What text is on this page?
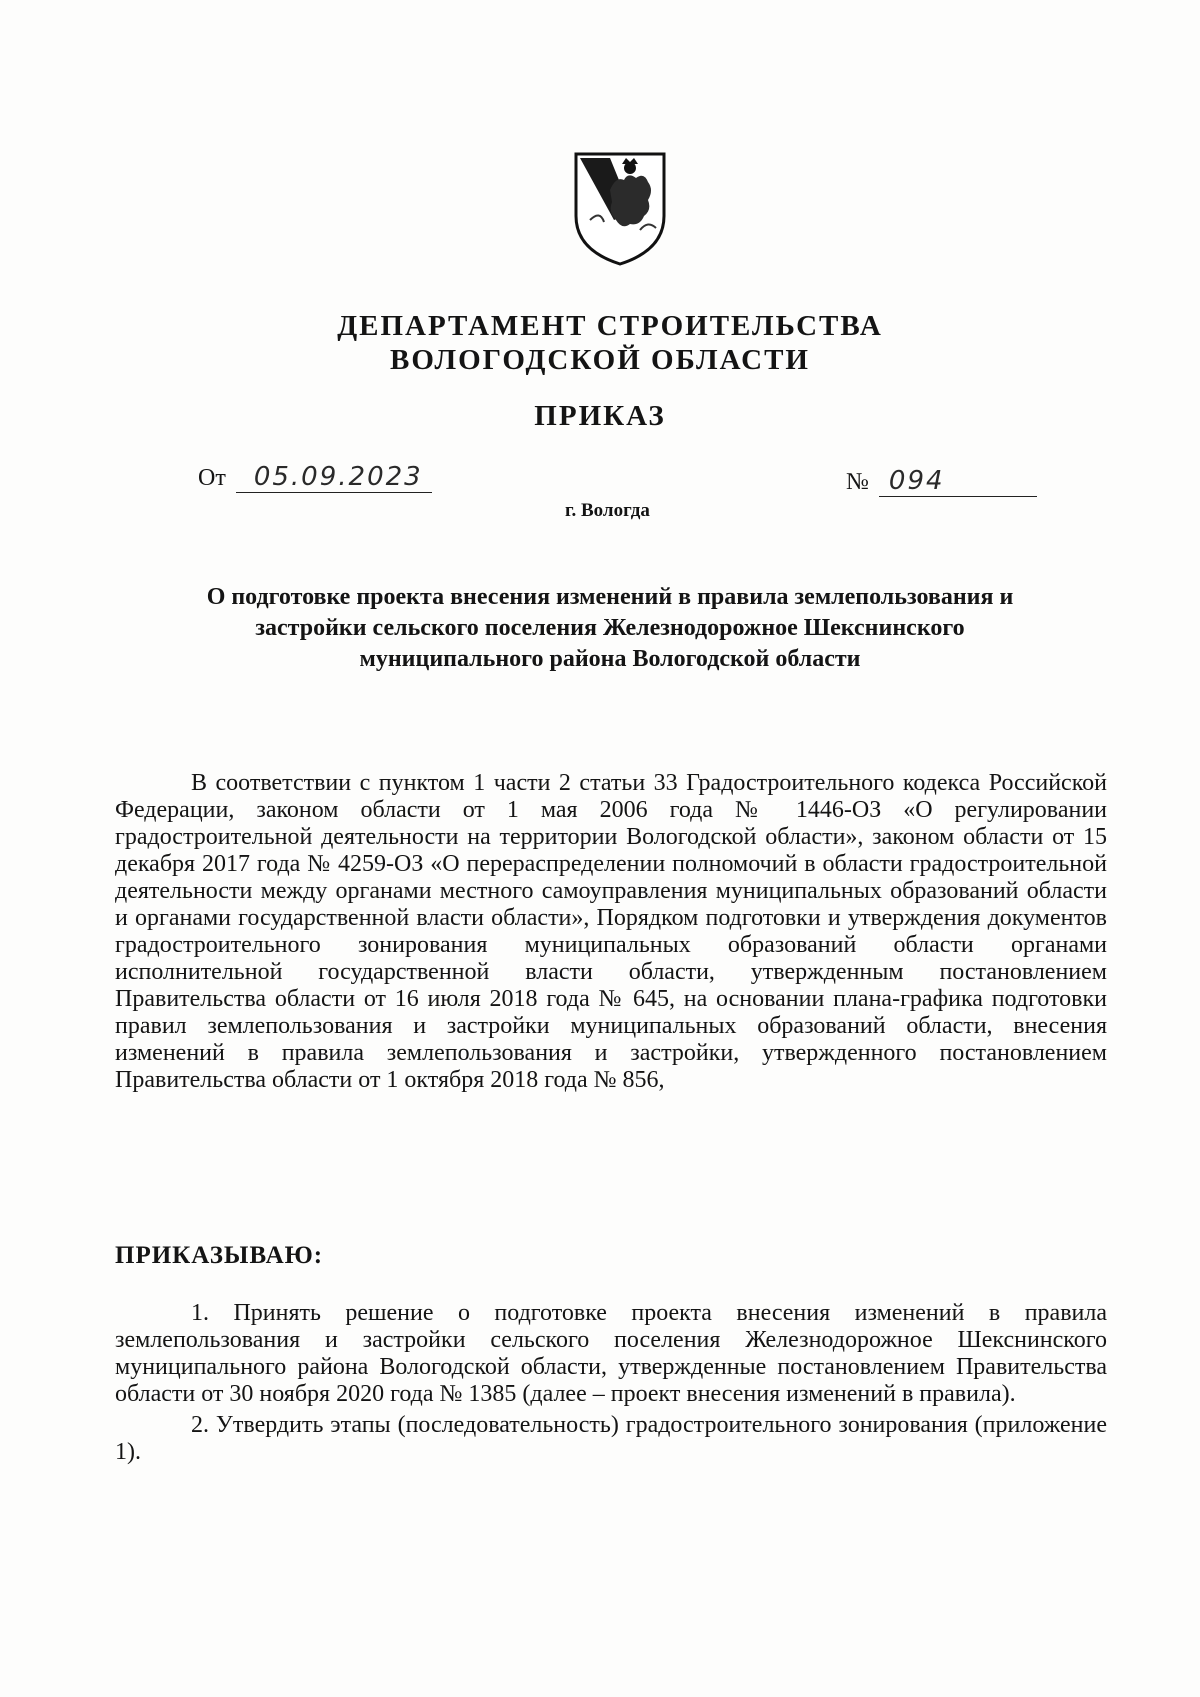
ДЕПАРТАМЕНТ СТРОИТЕЛЬСТВА
ВОЛОГОДСКОЙ ОБЛАСТИ
ПРИКАЗ
От 05.09.2023	№ 094
г. Вологда
О подготовке проекта внесения изменений в правила землепользования и
застройки сельского поселения Железнодорожное Шекснинского
муниципального района Вологодской области

В соответствии с пунктом 1 части 2 статьи 33 Градостроительного кодекса Российской Федерации, законом области от 1 мая 2006 года № 1446-ОЗ «О регулировании градостроительной деятельности на территории Вологодской области», законом области от 15 декабря 2017 года № 4259-ОЗ «О перераспределении полномочий в области градостроительной деятельности между органами местного самоуправления муниципальных образований области и органами государственной власти области», Порядком подготовки и утверждения документов градостроительного зонирования муниципальных образований области органами исполнительной государственной власти области, утвержденным постановлением Правительства области от 16 июля 2018 года № 645, на основании плана-графика подготовки правил землепользования и застройки муниципальных образований области, внесения изменений в правила землепользования и застройки, утвержденного постановлением Правительства области от 1 октября 2018 года № 856,

ПРИКАЗЫВАЮ:

1. Принять решение о подготовке проекта внесения изменений в правила землепользования и застройки сельского поселения Железнодорожное Шекснинского муниципального района Вологодской области, утвержденные постановлением Правительства области от 30 ноября 2020 года № 1385 (далее – проект внесения изменений в правила).

2. Утвердить этапы (последовательность) градостроительного зонирования (приложение 1).
